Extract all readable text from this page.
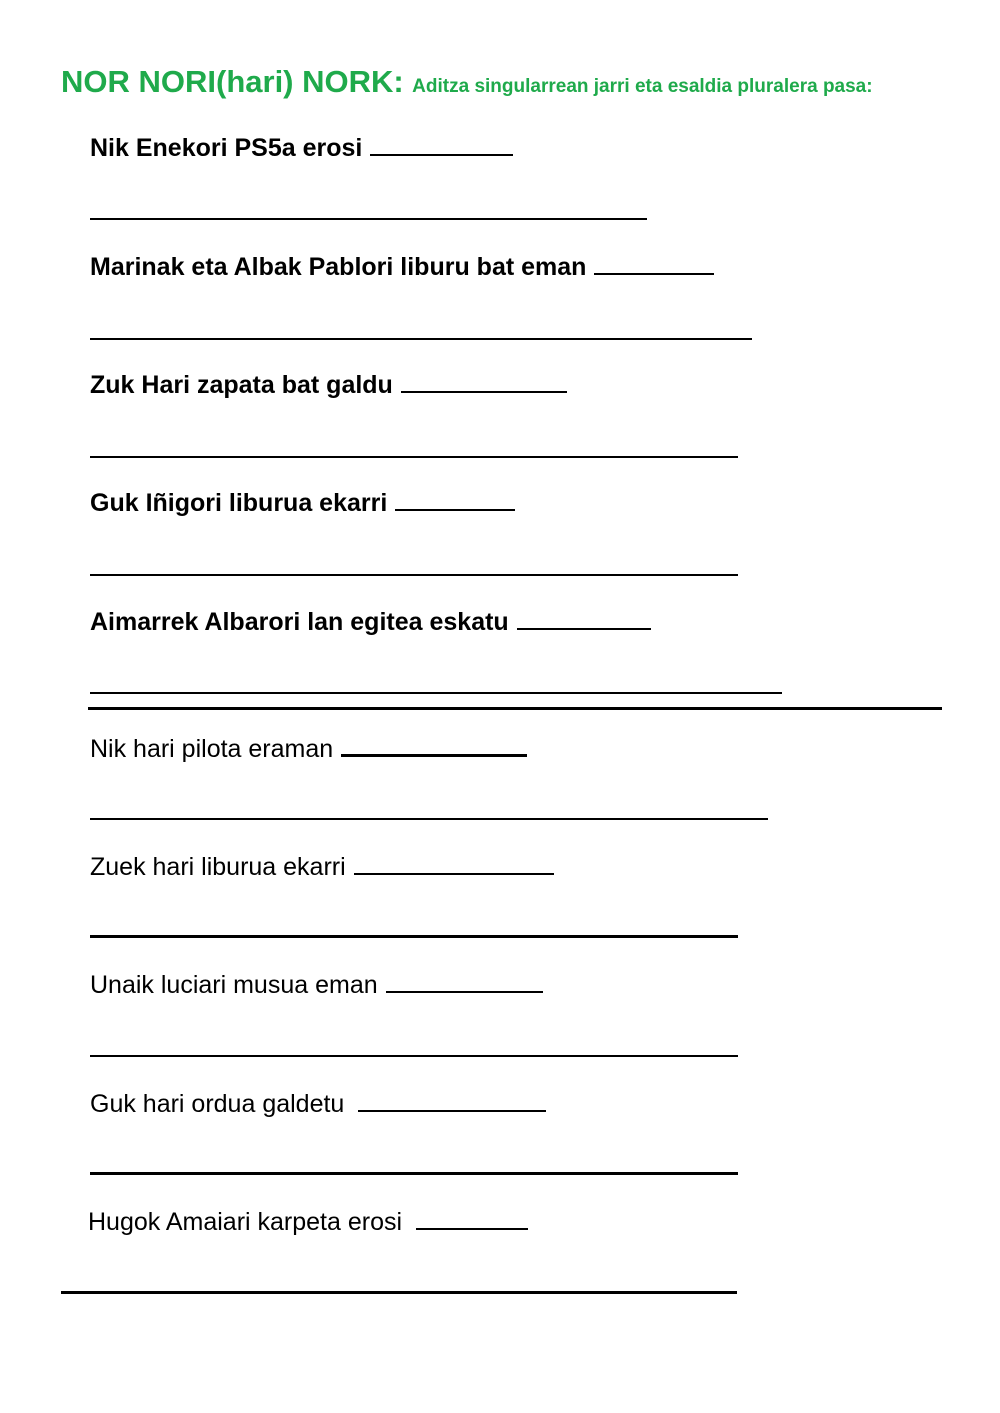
NOR NORI(hari) NORK: Aditza singularrean jarri eta esaldia pluralera pasa:
Nik Enekori PS5a erosi
Marinak eta Albak Pablori liburu bat eman
Zuk Hari zapata bat galdu
Guk Iñigori liburua ekarri
Aimarrek Albarori lan egitea eskatu
Nik hari pilota eraman
Zuek hari liburua ekarri
Unaik luciari musua eman
Guk hari ordua galdetu
Hugok Amaiari karpeta erosi
